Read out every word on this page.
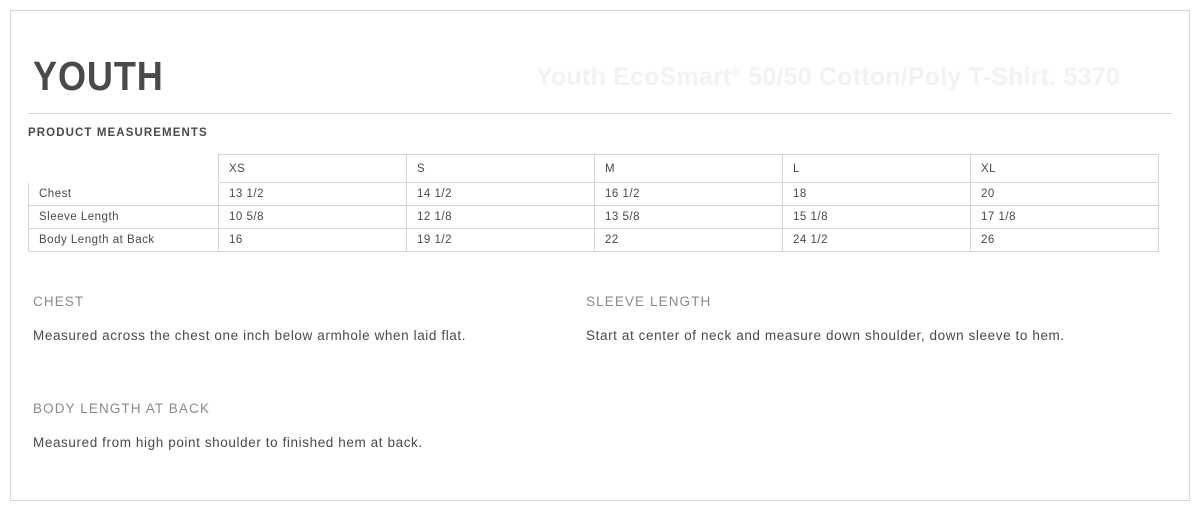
YOUTH	Youth EcoSmart® 50/50 Cotton/Poly T-Shirt. 5370
PRODUCT MEASUREMENTS
	XS	S	M	L	XL
Chest	13 1/2	14 1/2	16 1/2	18	20
Sleeve Length	10 5/8	12 1/8	13 5/8	15 1/8	17 1/8
Body Length at Back	16	19 1/2	22	24 1/2	26
CHEST

Measured across the chest one inch below armhole when laid flat.

SLEEVE LENGTH

Start at center of neck and measure down shoulder, down sleeve to hem.

BODY LENGTH AT BACK

Measured from high point shoulder to finished hem at back.
